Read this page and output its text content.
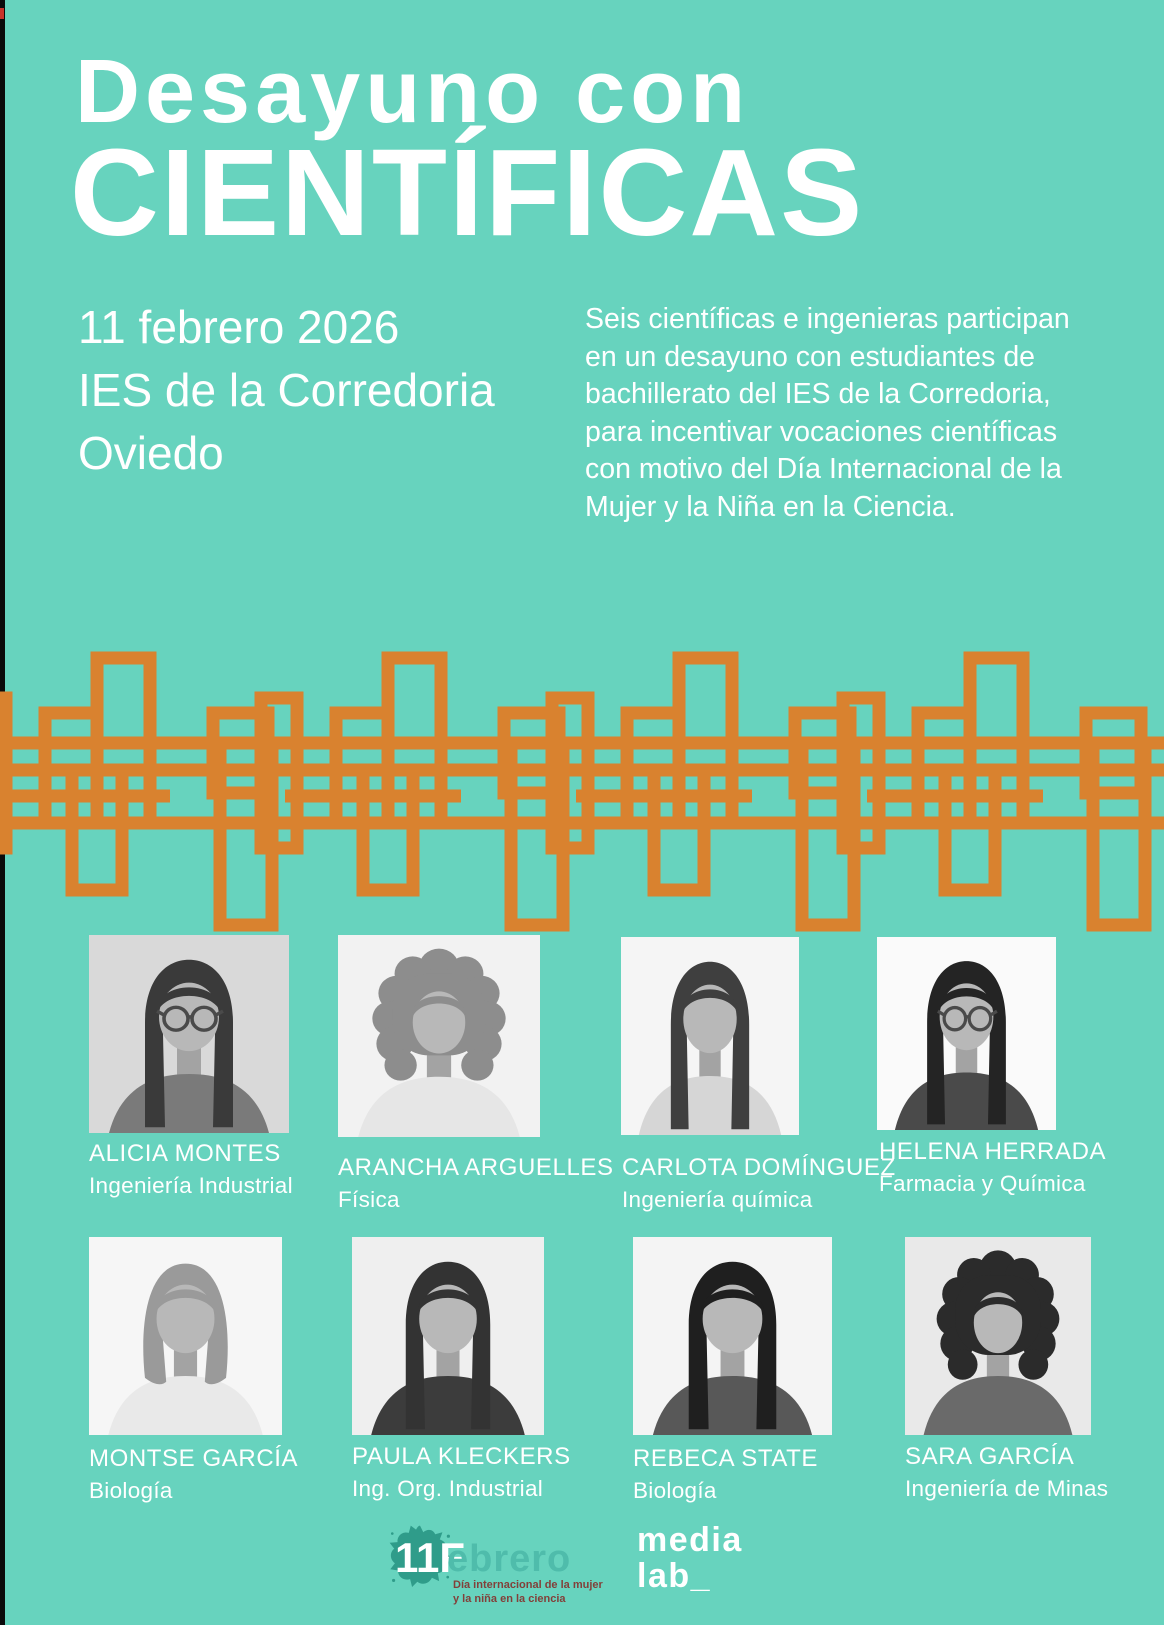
Desayuno con
CIENTÍFICAS
11 febrero 2026
IES de la Corredoria
Oviedo
Seis científicas e ingenieras participan en un desayuno con estudiantes de bachillerato del IES de la Corredoria, para incentivar vocaciones científicas con motivo del Día Internacional de la Mujer y la Niña en la Ciencia.
ALICIA MONTES
Ingeniería Industrial
ARANCHA ARGUELLES
Física
CARLOTA DOMÍNGUEZ
Ingeniería química
HELENA HERRADA
Farmacia y Química
MONTSE GARCÍA
Biología
PAULA KLECKERS
Ing. Org. Industrial
REBECA STATE
Biología
SARA GARCÍA
Ingeniería de Minas
11F
ebrero
Día internacional de la mujer
y la niña en la ciencia
media
lab_
